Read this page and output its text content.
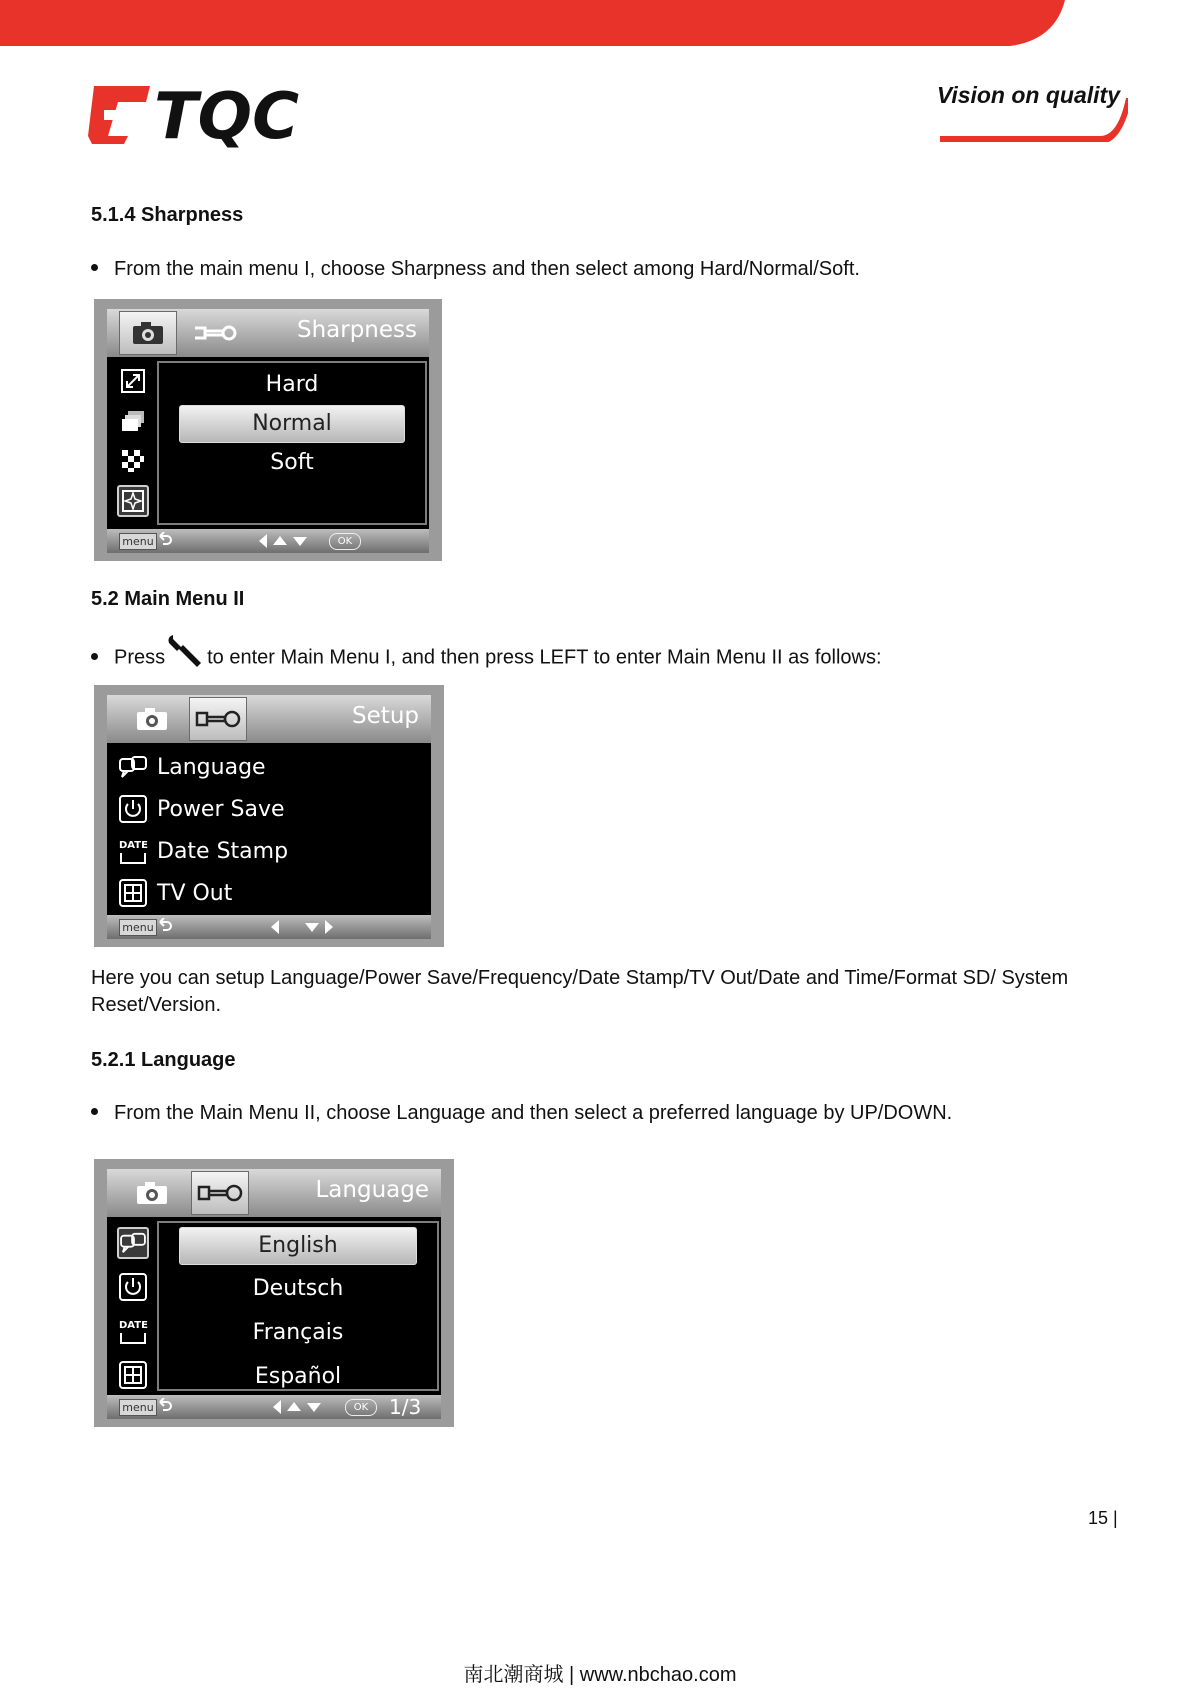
TQC	Vision on quality
5.1.4 Sharpness
From the main menu I, choose Sharpness and then select among Hard/Normal/Soft.
Sharpness
Hard
Normal
Soft
menu	OK
5.2 Main Menu II
Press to enter Main Menu I, and then press LEFT to enter Main Menu II as follows:
Setup
Language
Power Save
DATE Date Stamp
TV Out
menu
Here you can setup Language/Power Save/Frequency/Date Stamp/TV Out/Date and Time/Format SD/ System Reset/Version.
5.2.1 Language
From the Main Menu II, choose Language and then select a preferred language by UP/DOWN.
Language
DATE
English
Deutsch
Français
Español
menu	OK	1/3
15 |
南北潮商城 | www.nbchao.com
